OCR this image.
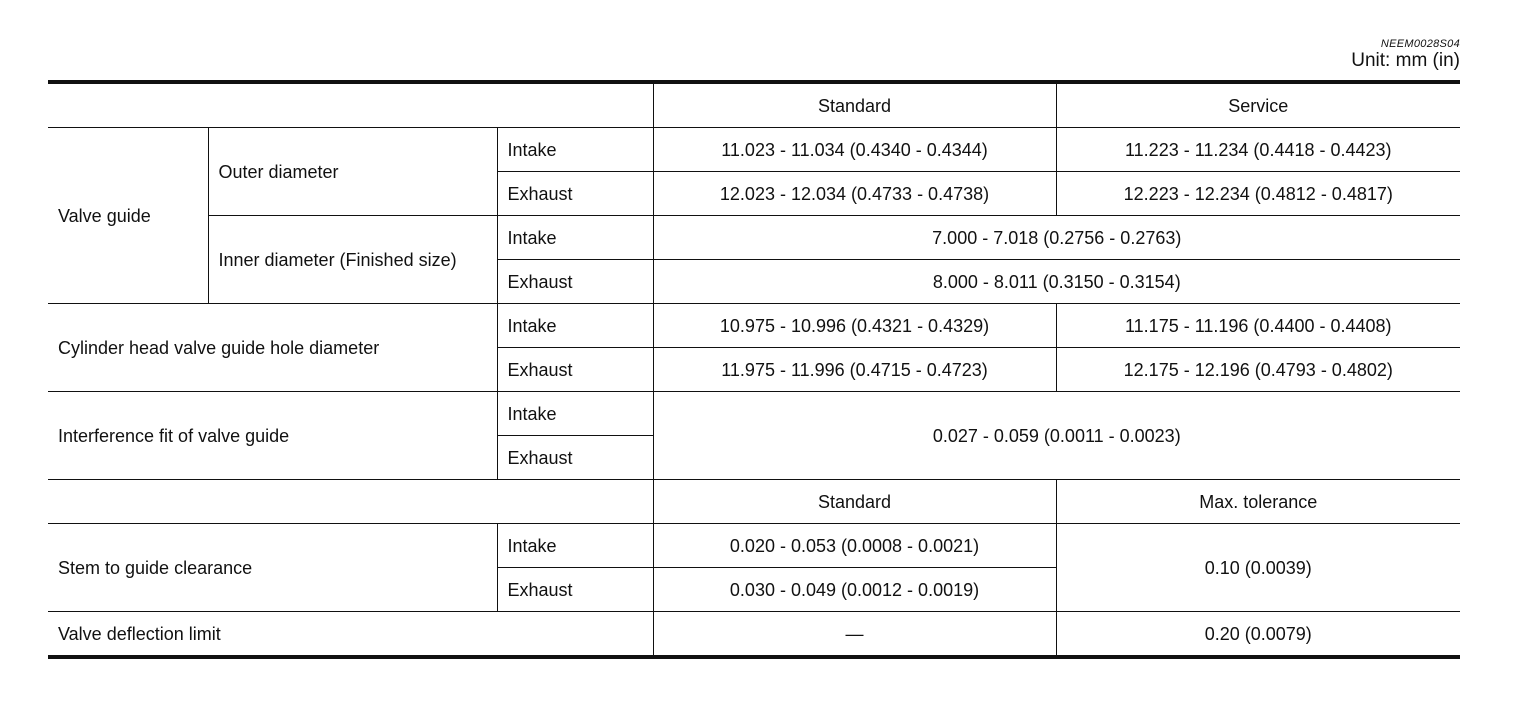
NEEM0028S04
Unit: mm (in)
			Standard	Service
Valve guide	Outer diameter	Intake	11.023 - 11.034 (0.4340 - 0.4344)	11.223 - 11.234 (0.4418 - 0.4423)
		Exhaust	12.023 - 12.034 (0.4733 - 0.4738)	12.223 - 12.234 (0.4812 - 0.4817)
	Inner diameter (Finished size)	Intake	7.000 - 7.018 (0.2756 - 0.2763)	
		Exhaust	8.000 - 8.011 (0.3150 - 0.3154)	
Cylinder head valve guide hole diameter		Intake	10.975 - 10.996 (0.4321 - 0.4329)	11.175 - 11.196 (0.4400 - 0.4408)
		Exhaust	11.975 - 11.996 (0.4715 - 0.4723)	12.175 - 12.196 (0.4793 - 0.4802)
Interference fit of valve guide		Intake	0.027 - 0.059 (0.0011 - 0.0023)	
		Exhaust		
			Standard	Max. tolerance
Stem to guide clearance		Intake	0.020 - 0.053 (0.0008 - 0.0021)	0.10 (0.0039)
		Exhaust	0.030 - 0.049 (0.0012 - 0.0019)	
Valve deflection limit			—	0.20 (0.0079)
